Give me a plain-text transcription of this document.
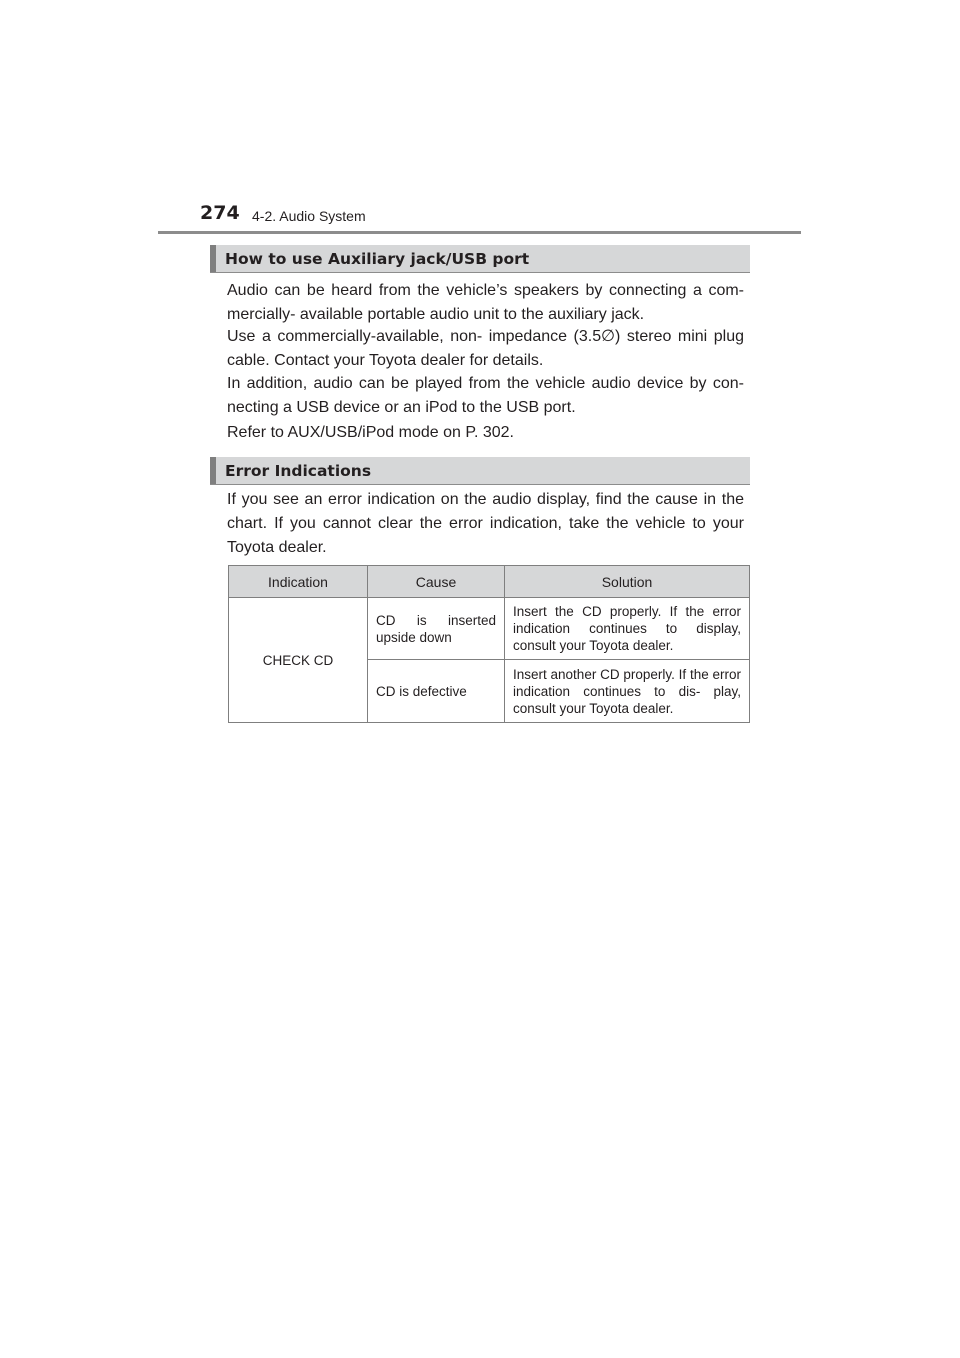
274 4-2. Audio System
How to use Auxiliary jack/USB port
Audio can be heard from the vehicle’s speakers by connecting a com- mercially- available portable audio unit to the auxiliary jack.
Use a commercially-available, non- impedance (3.5∅) stereo mini plug cable. Contact your Toyota dealer for details.
In addition, audio can be played from the vehicle audio device by con- necting a USB device or an iPod to the USB port.
Refer to AUX/USB/iPod mode on P. 302.
Error Indications
If you see an error indication on the audio display, find the cause in the chart. If you cannot clear the error indication, take the vehicle to your Toyota dealer.
Indication	Cause	Solution
CHECK CD	CD is inserted upside down	Insert the CD properly. If the error indication continues to display, consult your Toyota dealer.
	CD is defective	Insert another CD properly. If the error indication continues to dis- play, consult your Toyota dealer.
